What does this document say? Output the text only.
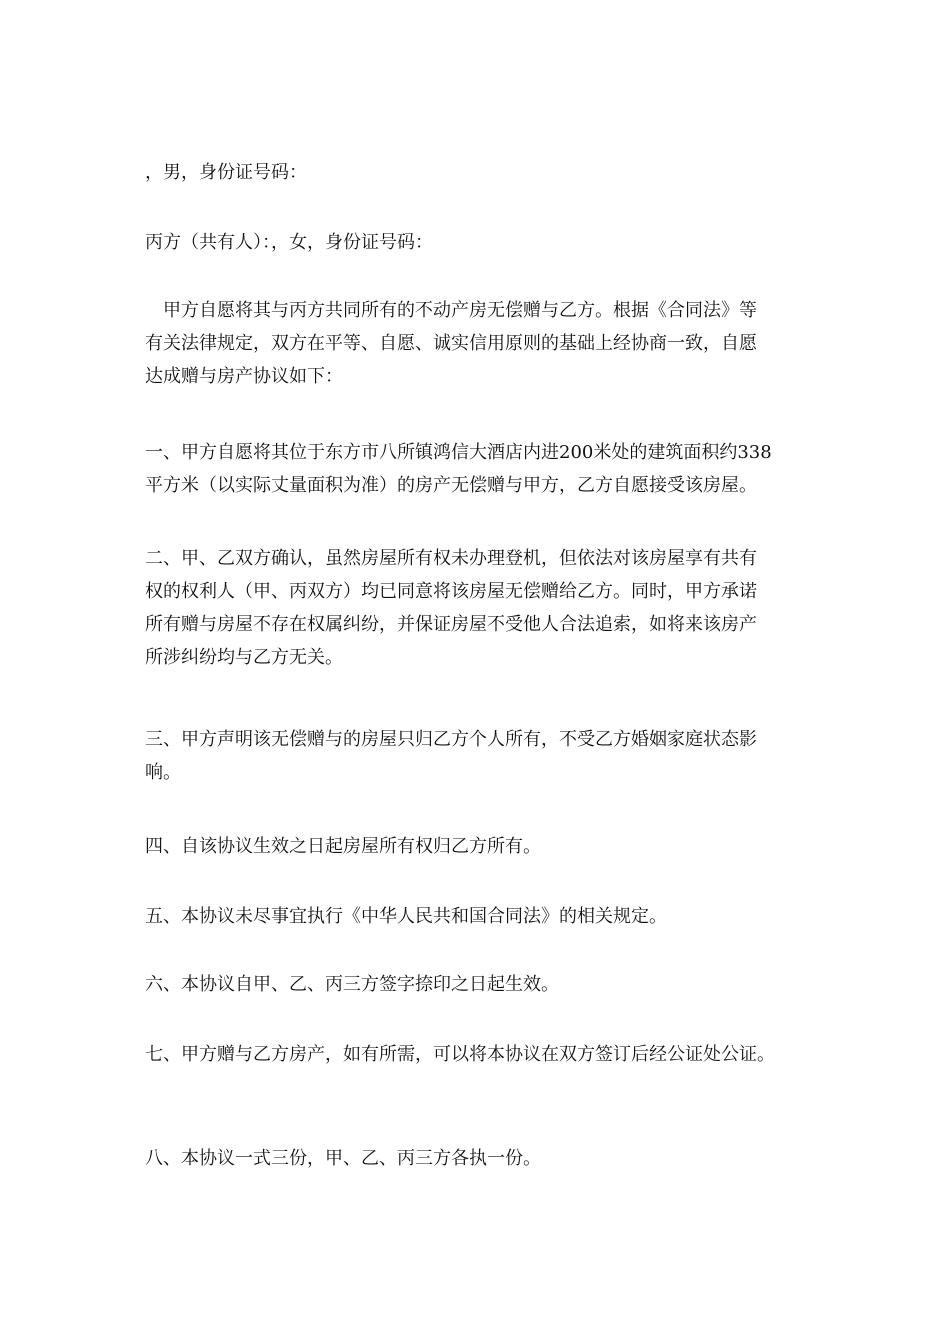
，男，身份证号码：

丙方（共有人）：，女，身份证号码：

甲方自愿将其与丙方共同所有的不动产房无偿赠与乙方。根据《合同法》等
有关法律规定，双方在平等、自愿、诚实信用原则的基础上经协商一致，自愿
达成赠与房产协议如下：

一、甲方自愿将其位于东方市八所镇鸿信大酒店内进200米处的建筑面积约338
平方米（以实际丈量面积为准）的房产无偿赠与甲方，乙方自愿接受该房屋。

二、甲、乙双方确认，虽然房屋所有权未办理登机，但依法对该房屋享有共有
权的权利人（甲、丙双方）均已同意将该房屋无偿赠给乙方。同时，甲方承诺
所有赠与房屋不存在权属纠纷，并保证房屋不受他人合法追索，如将来该房产
所涉纠纷均与乙方无关。

三、甲方声明该无偿赠与的房屋只归乙方个人所有，不受乙方婚姻家庭状态影
响。

四、自该协议生效之日起房屋所有权归乙方所有。

五、本协议未尽事宜执行《中华人民共和国合同法》的相关规定。

六、本协议自甲、乙、丙三方签字捺印之日起生效。

七、甲方赠与乙方房产，如有所需，可以将本协议在双方签订后经公证处公证。

八、本协议一式三份，甲、乙、丙三方各执一份。
